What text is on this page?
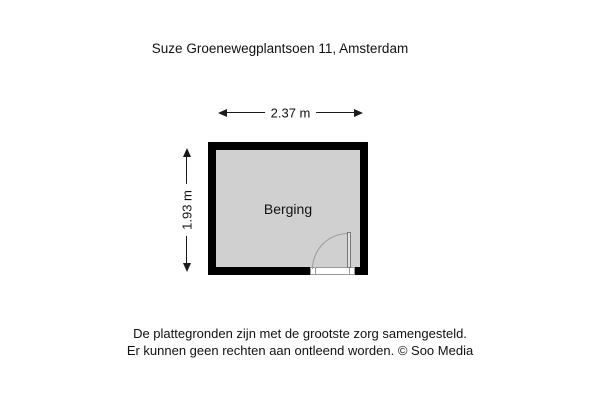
Suze Groenewegplantsoen 11, Amsterdam
2.37 m
1.93 m	Berging
De plattegronden zijn met de grootste zorg samengesteld.
Er kunnen geen rechten aan ontleend worden. © Soo Media
